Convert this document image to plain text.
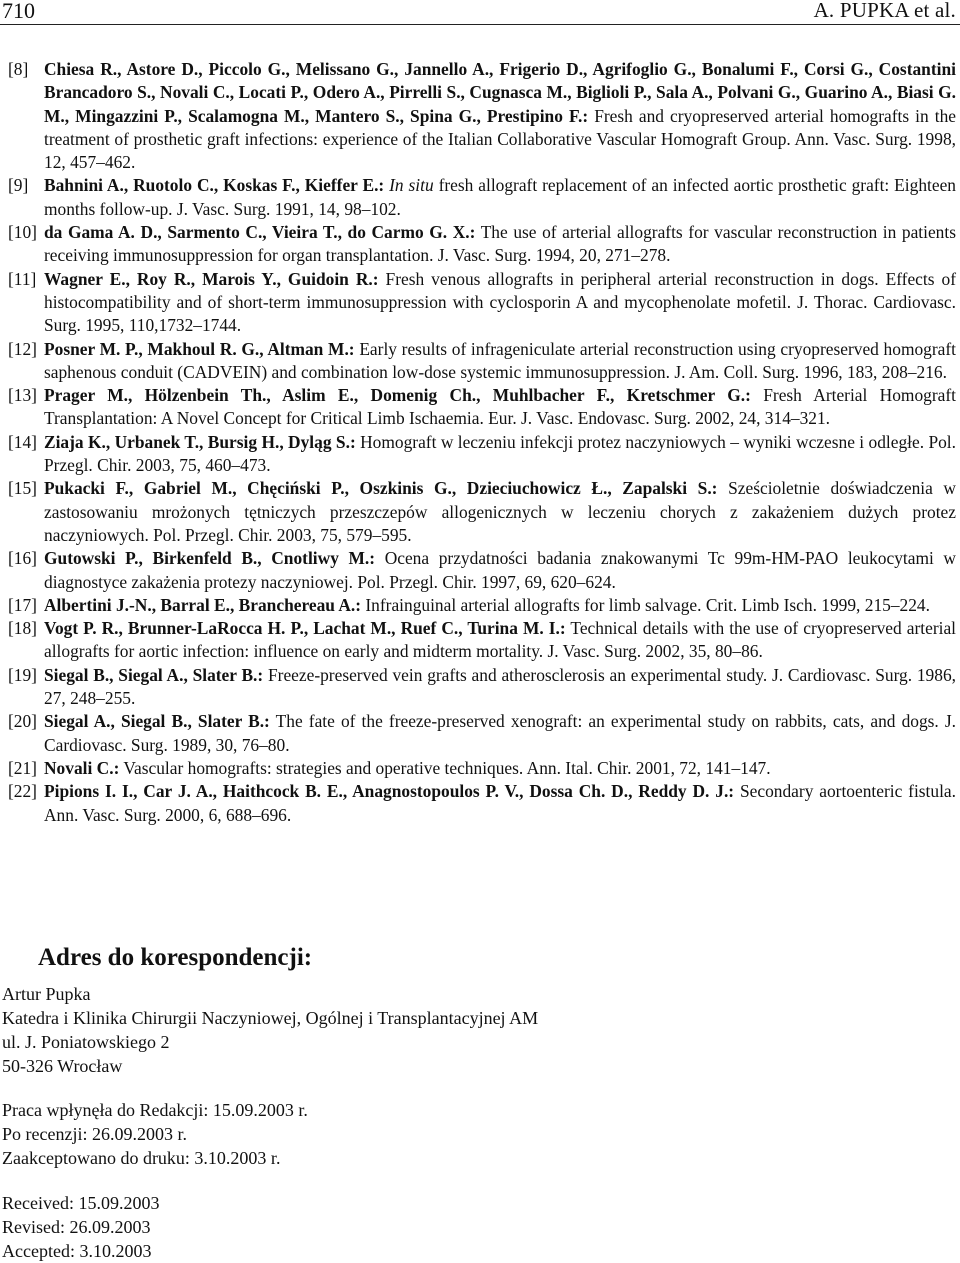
710	A. PUPKA et al.
[8] Chiesa R., Astore D., Piccolo G., Melissano G., Jannello A., Frigerio D., Agrifoglio G., Bonalumi F., Corsi G., Costantini Brancadoro S., Novali C., Locati P., Odero A., Pirrelli S., Cugnasca M., Biglioli P., Sala A., Polvani G., Guarino A., Biasi G. M., Mingazzini P., Scalamogna M., Mantero S., Spina G., Prestipino F.: Fresh and cryopreserved arterial homografts in the treatment of prosthetic graft infections: experience of the Italian Collaborative Vascular Homograft Group. Ann. Vasc. Surg. 1998, 12, 457–462.
[9] Bahnini A., Ruotolo C., Koskas F., Kieffer E.: In situ fresh allograft replacement of an infected aortic prosthetic graft: Eighteen months follow-up. J. Vasc. Surg. 1991, 14, 98–102.
[10] da Gama A. D., Sarmento C., Vieira T., do Carmo G. X.: The use of arterial allografts for vascular reconstruction in patients receiving immunosuppression for organ transplantation. J. Vasc. Surg. 1994, 20, 271–278.
[11] Wagner E., Roy R., Marois Y., Guidoin R.: Fresh venous allografts in peripheral arterial reconstruction in dogs. Effects of histocompatibility and of short-term immunosuppression with cyclosporin A and mycophenolate mofetil. J. Thorac. Cardiovasc. Surg. 1995, 110,1732–1744.
[12] Posner M. P., Makhoul R. G., Altman M.: Early results of infrageniculate arterial reconstruction using cryopreserved homograft saphenous conduit (CADVEIN) and combination low-dose systemic immunosuppression. J. Am. Coll. Surg. 1996, 183, 208–216.
[13] Prager M., Hölzenbein Th., Aslim E., Domenig Ch., Muhlbacher F., Kretschmer G.: Fresh Arterial Homograft Transplantation: A Novel Concept for Critical Limb Ischaemia. Eur. J. Vasc. Endovasc. Surg. 2002, 24, 314–321.
[14] Ziaja K., Urbanek T., Bursig H., Dyląg S.: Homograft w leczeniu infekcji protez naczyniowych – wyniki wczesne i odległe. Pol. Przegl. Chir. 2003, 75, 460–473.
[15] Pukacki F., Gabriel M., Chęciński P., Oszkinis G., Dzieciuchowicz Ł., Zapalski S.: Sześcioletnie doświadczenia w zastosowaniu mrożonych tętniczych przeszczepów allogenicznych w leczeniu chorych z zakażeniem dużych protez naczyniowych. Pol. Przegl. Chir. 2003, 75, 579–595.
[16] Gutowski P., Birkenfeld B., Cnotliwy M.: Ocena przydatności badania znakowanymi Tc 99m-HM-PAO leukocytami w diagnostyce zakażenia protezy naczyniowej. Pol. Przegl. Chir. 1997, 69, 620–624.
[17] Albertini J.-N., Barral E., Branchereau A.: Infrainguinal arterial allografts for limb salvage. Crit. Limb Isch. 1999, 215–224.
[18] Vogt P. R., Brunner-LaRocca H. P., Lachat M., Ruef C., Turina M. I.: Technical details with the use of cryopreserved arterial allografts for aortic infection: influence on early and midterm mortality. J. Vasc. Surg. 2002, 35, 80–86.
[19] Siegal B., Siegal A., Slater B.: Freeze-preserved vein grafts and atherosclerosis an experimental study. J. Cardiovasc. Surg. 1986, 27, 248–255.
[20] Siegal A., Siegal B., Slater B.: The fate of the freeze-preserved xenograft: an experimental study on rabbits, cats, and dogs. J. Cardiovasc. Surg. 1989, 30, 76–80.
[21] Novali C.: Vascular homografts: strategies and operative techniques. Ann. Ital. Chir. 2001, 72, 141–147.
[22] Pipions I. I., Car J. A., Haithcock B. E., Anagnostopoulos P. V., Dossa Ch. D., Reddy D. J.: Secondary aortoenteric fistula. Ann. Vasc. Surg. 2000, 6, 688–696.
Adres do korespondencji:
Artur Pupka
Katedra i Klinika Chirurgii Naczyniowej, Ogólnej i Transplantacyjnej AM
ul. J. Poniatowskiego 2
50-326 Wrocław
Praca wpłynęła do Redakcji: 15.09.2003 r.
Po recenzji: 26.09.2003 r.
Zaakceptowano do druku: 3.10.2003 r.
Received: 15.09.2003
Revised: 26.09.2003
Accepted: 3.10.2003
